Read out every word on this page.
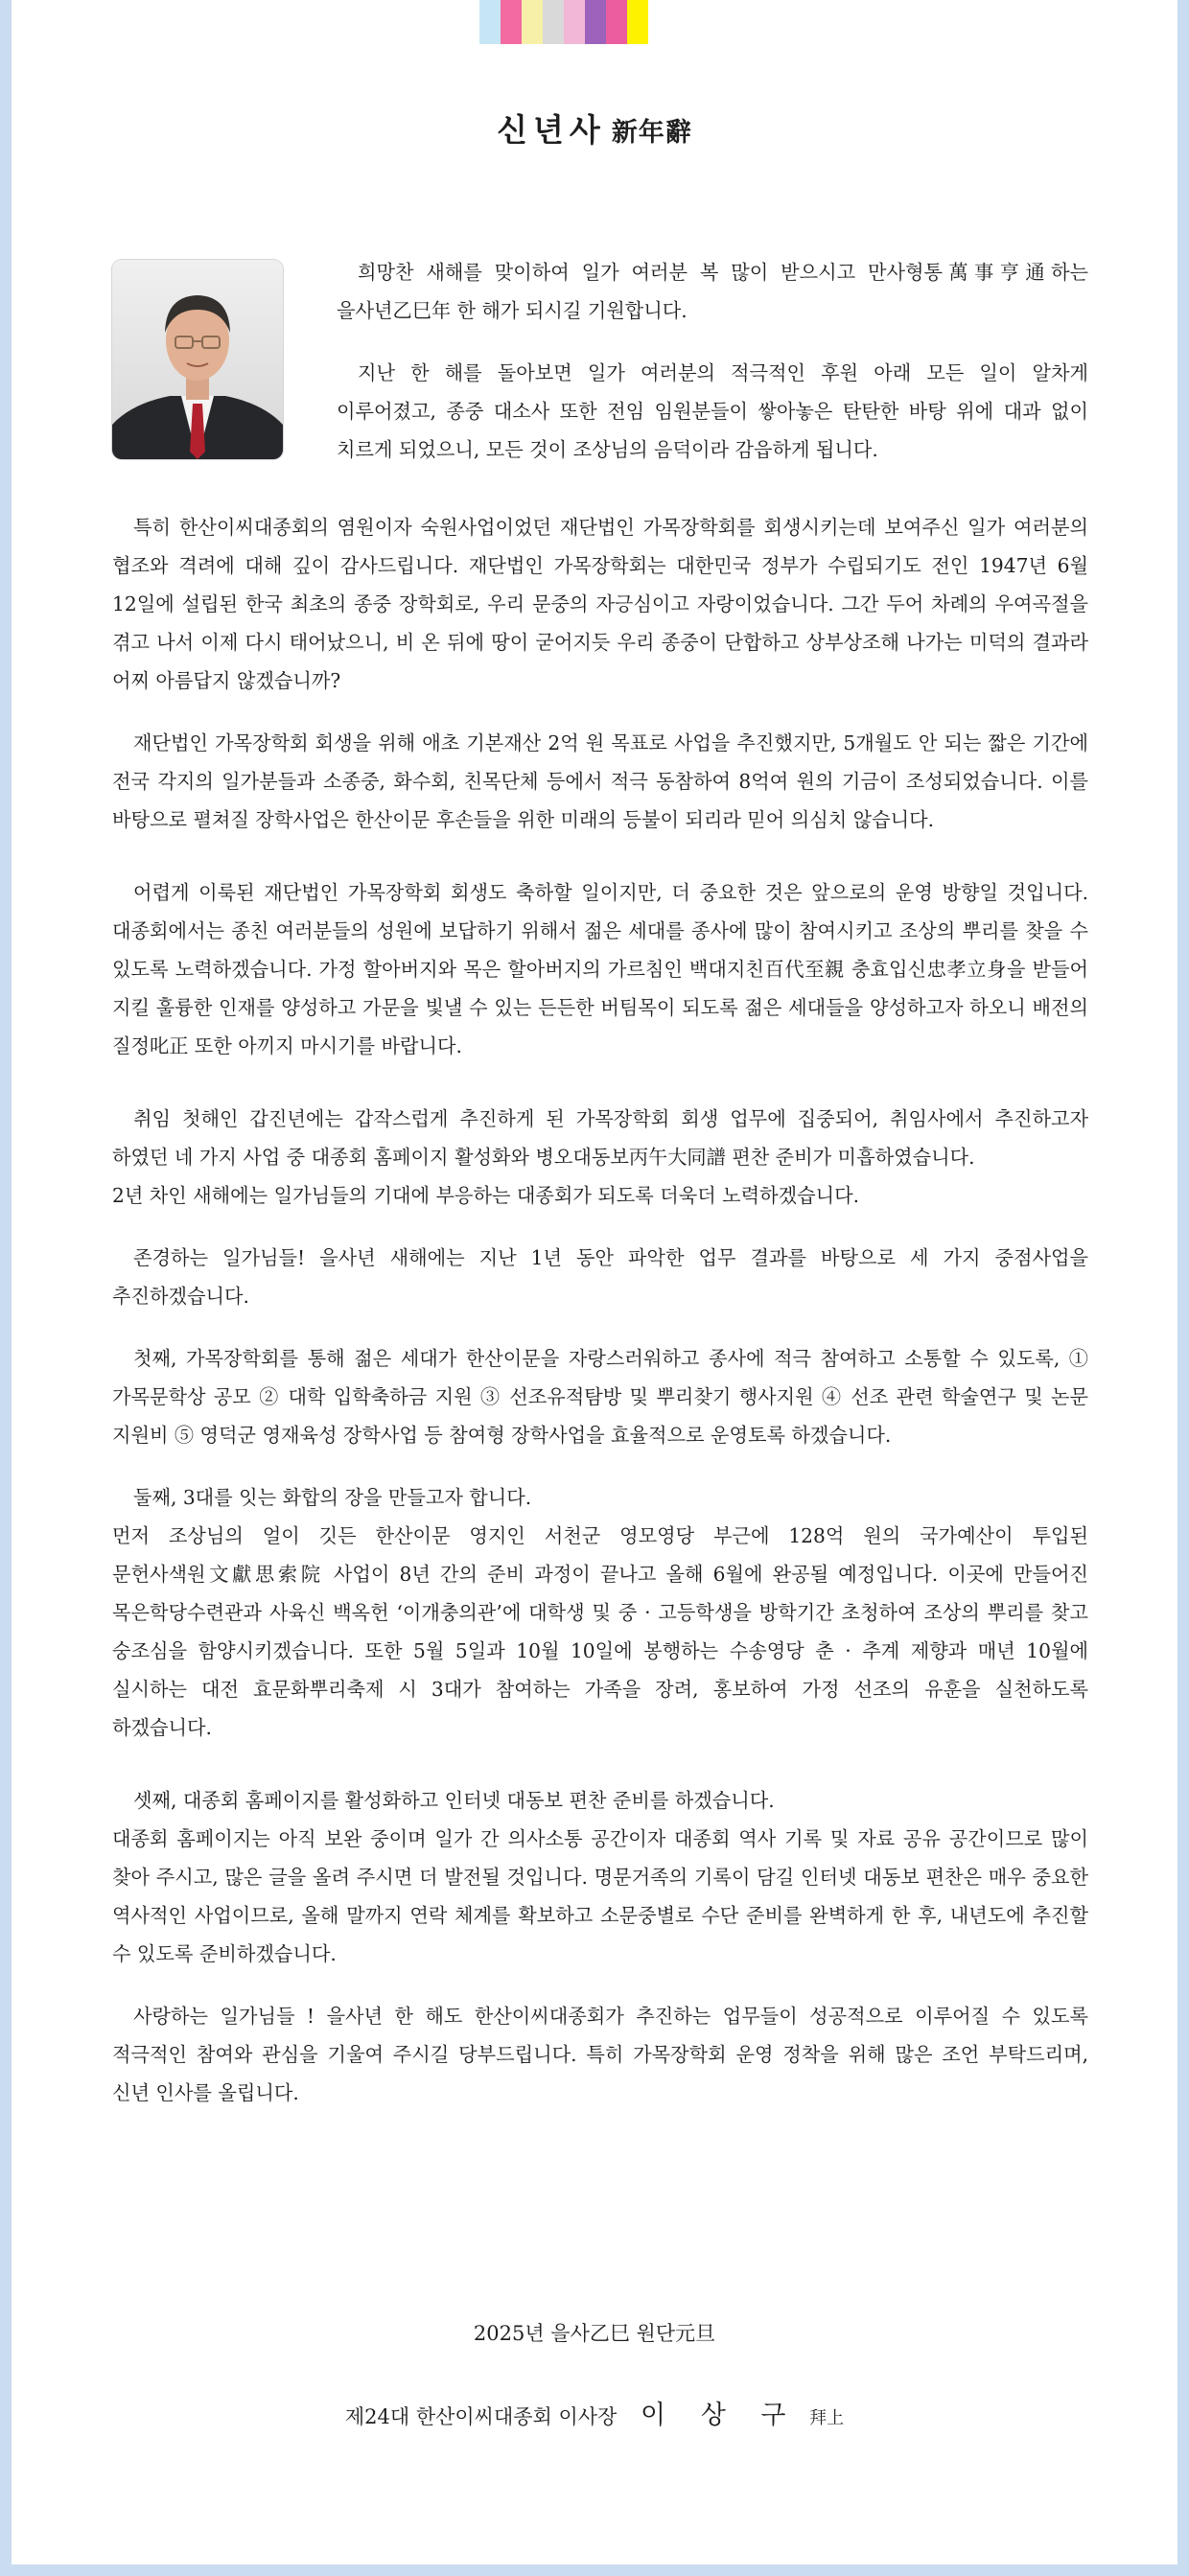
신년사 新年辭

희망찬 새해를 맞이하여 일가 여러분 복 많이 받으시고 만사형통萬事亨通하는 을사년乙巳年 한 해가 되시길 기원합니다.

지난 한 해를 돌아보면 일가 여러분의 적극적인 후원 아래 모든 일이 알차게 이루어졌고, 종중 대소사 또한 전임 임원분들이 쌓아놓은 탄탄한 바탕 위에 대과 없이 치르게 되었으니, 모든 것이 조상님의 음덕이라 감읍하게 됩니다.

특히 한산이씨대종회의 염원이자 숙원사업이었던 재단법인 가목장학회를 회생시키는데 보여주신 일가 여러분의 협조와 격려에 대해 깊이 감사드립니다. 재단법인 가목장학회는 대한민국 정부가 수립되기도 전인 1947년 6월 12일에 설립된 한국 최초의 종중 장학회로, 우리 문중의 자긍심이고 자랑이었습니다. 그간 두어 차례의 우여곡절을 겪고 나서 이제 다시 태어났으니, 비 온 뒤에 땅이 굳어지듯 우리 종중이 단합하고 상부상조해 나가는 미덕의 결과라 어찌 아름답지 않겠습니까?

재단법인 가목장학회 회생을 위해 애초 기본재산 2억 원 목표로 사업을 추진했지만, 5개월도 안 되는 짧은 기간에 전국 각지의 일가분들과 소종중, 화수회, 친목단체 등에서 적극 동참하여 8억여 원의 기금이 조성되었습니다. 이를 바탕으로 펼쳐질 장학사업은 한산이문 후손들을 위한 미래의 등불이 되리라 믿어 의심치 않습니다.

어렵게 이룩된 재단법인 가목장학회 회생도 축하할 일이지만, 더 중요한 것은 앞으로의 운영 방향일 것입니다. 대종회에서는 종친 여러분들의 성원에 보답하기 위해서 젊은 세대를 종사에 많이 참여시키고 조상의 뿌리를 찾을 수 있도록 노력하겠습니다. 가정 할아버지와 목은 할아버지의 가르침인 백대지친百代至親 충효입신忠孝立身을 받들어 지킬 훌륭한 인재를 양성하고 가문을 빛낼 수 있는 든든한 버팀목이 되도록 젊은 세대들을 양성하고자 하오니 배전의 질정叱正 또한 아끼지 마시기를 바랍니다.

취임 첫해인 갑진년에는 갑작스럽게 추진하게 된 가목장학회 회생 업무에 집중되어, 취임사에서 추진하고자 하였던 네 가지 사업 중 대종회 홈페이지 활성화와 병오대동보丙午大同譜 편찬 준비가 미흡하였습니다.

2년 차인 새해에는 일가님들의 기대에 부응하는 대종회가 되도록 더욱더 노력하겠습니다.

존경하는 일가님들! 을사년 새해에는 지난 1년 동안 파악한 업무 결과를 바탕으로 세 가지 중점사업을 추진하겠습니다.

첫째, 가목장학회를 통해 젊은 세대가 한산이문을 자랑스러워하고 종사에 적극 참여하고 소통할 수 있도록, ① 가목문학상 공모 ② 대학 입학축하금 지원 ③ 선조유적탐방 및 뿌리찾기 행사지원 ④ 선조 관련 학술연구 및 논문 지원비 ⑤ 영덕군 영재육성 장학사업 등 참여형 장학사업을 효율적으로 운영토록 하겠습니다.

둘째, 3대를 잇는 화합의 장을 만들고자 합니다.

먼저 조상님의 얼이 깃든 한산이문 영지인 서천군 영모영당 부근에 128억 원의 국가예산이 투입된 문헌사색원文獻思索院 사업이 8년 간의 준비 과정이 끝나고 올해 6월에 완공될 예정입니다. 이곳에 만들어진 목은학당수련관과 사육신 백옥헌 ‘이개충의관’에 대학생 및 중 · 고등학생을 방학기간 초청하여 조상의 뿌리를 찾고 숭조심을 함양시키겠습니다. 또한 5월 5일과 10월 10일에 봉행하는 수송영당 춘 · 추계 제향과 매년 10월에 실시하는 대전 효문화뿌리축제 시 3대가 참여하는 가족을 장려, 홍보하여 가정 선조의 유훈을 실천하도록 하겠습니다.

셋째, 대종회 홈페이지를 활성화하고 인터넷 대동보 편찬 준비를 하겠습니다.

대종회 홈페이지는 아직 보완 중이며 일가 간 의사소통 공간이자 대종회 역사 기록 및 자료 공유 공간이므로 많이 찾아 주시고, 많은 글을 올려 주시면 더 발전될 것입니다. 명문거족의 기록이 담길 인터넷 대동보 편찬은 매우 중요한 역사적인 사업이므로, 올해 말까지 연락 체계를 확보하고 소문중별로 수단 준비를 완벽하게 한 후, 내년도에 추진할 수 있도록 준비하겠습니다.

사랑하는 일가님들 ! 을사년 한 해도 한산이씨대종회가 추진하는 업무들이 성공적으로 이루어질 수 있도록 적극적인 참여와 관심을 기울여 주시길 당부드립니다. 특히 가목장학회 운영 정착을 위해 많은 조언 부탁드리며, 신년 인사를 올립니다.

2025년 을사乙巳 원단元旦
제24대 한산이씨대종회 이사장 이 상 구 拜上
